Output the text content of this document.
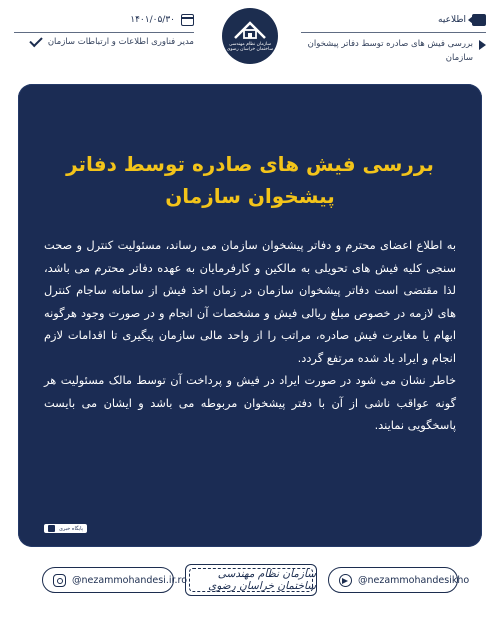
اطلاعیه
بررسی فیش های صادره توسط دفاتر پیشخوان سازمان
سازمان نظام مهندسی ساختمان خراسان رضوی
۱۴۰۱/۰۵/۳۰
مدیر فناوری اطلاعات و ارتباطات سازمان
بررسی فیش های صادره توسط دفاتر
پیشخوان سازمان

به اطلاع اعضای محترم و دفاتر پیشخوان سازمان می رساند، مسئولیت کنترل و صحت سنجی کلیه فیش های تحویلی به مالکین و کارفرمایان به عهده دفاتر محترم می باشد، لذا مقتضی است دفاتر پیشخوان سازمان در زمان اخذ فیش از سامانه ساجام کنترل های لازمه در خصوص مبلغ ریالی فیش و مشخصات آن انجام و در صورت وجود هرگونه ابهام یا مغایرت فیش صادره، مراتب را از واحد مالی سازمان پیگیری تا اقدامات لازم انجام و ایراد یاد شده مرتفع گردد.

خاطر نشان می شود در صورت ایراد در فیش و پرداخت آن توسط مالک مسئولیت هر گونه عواقب ناشی از آن با دفتر پیشخوان مربوطه می باشد و ایشان می بایست پاسخگویی نمایند.

پایگاه خبری
@nezammohandesi.ir.ro	سازمان نظام مهندسی ساختمان خراسان رضوی	@nezammohandesikho
